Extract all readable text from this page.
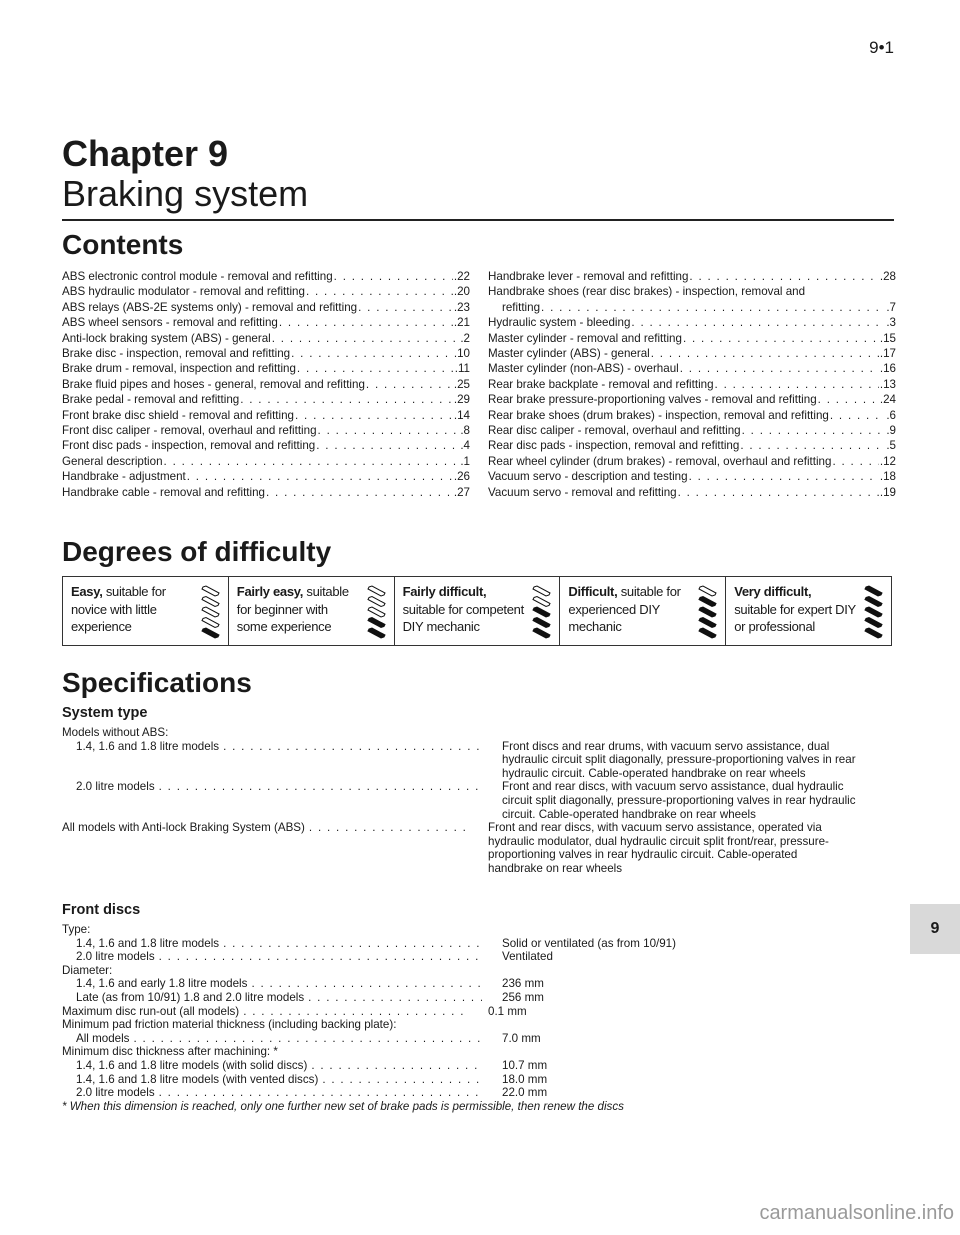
9•1
Chapter 9
Braking system
Contents
ABS electronic control module - removal and refitting . . .	.22
ABS hydraulic modulator - removal and refitting . . .	.20
ABS relays (ABS-2E systems only) - removal and refitting . . .	.23
ABS wheel sensors - removal and refitting . . .	.21
Anti-lock braking system (ABS) - general . . .	.2
Brake disc - inspection, removal and refitting . . .	.10
Brake drum - removal, inspection and refitting . . .	.11
Brake fluid pipes and hoses - general, removal and refitting . . .	.25
Brake pedal - removal and refitting . . .	.29
Front brake disc shield - removal and refitting . . .	.14
Front disc caliper - removal, overhaul and refitting . . .	.8
Front disc pads - inspection, removal and refitting . . .	.4
General description . . .	.1
Handbrake - adjustment . . .	.26
Handbrake cable - removal and refitting . . .	.27
Handbrake lever - removal and refitting . . .	.28
Handbrake shoes (rear disc brakes) - inspection, removal and
refitting . . .	.7
Hydraulic system - bleeding . . .	.3
Master cylinder - removal and refitting . . .	.15
Master cylinder (ABS) - general . . .	.17
Master cylinder (non-ABS) - overhaul . . .	.16
Rear brake backplate - removal and refitting . . .	.13
Rear brake pressure-proportioning valves - removal and refitting . . .	.24
Rear brake shoes (drum brakes) - inspection, removal and refitting . . .	.6
Rear disc caliper - removal, overhaul and refitting . . .	.9
Rear disc pads - inspection, removal and refitting . . .	.5
Rear wheel cylinder (drum brakes) - removal, overhaul and refitting . . .	.12
Vacuum servo - description and testing . . .	.18
Vacuum servo - removal and refitting . . .	.19
Degrees of difficulty
Easy, suitable for
novice with little
experience
Fairly easy, suitable
for beginner with
some experience
Fairly difficult,
suitable for competent
DIY mechanic
Difficult, suitable for
experienced DIY
mechanic
Very difficult,
suitable for expert DIY
or professional
Specifications
System type
Models without ABS:
1.4, 1.6 and 1.8 litre models . . .	Front discs and rear drums, with vacuum servo assistance, dual
hydraulic circuit split diagonally, pressure-proportioning valves in rear
hydraulic circuit. Cable-operated handbrake on rear wheels
2.0 litre models . . .	Front and rear discs, with vacuum servo assistance, dual hydraulic
circuit split diagonally, pressure-proportioning valves in rear hydraulic
circuit. Cable-operated handbrake on rear wheels
All models with Anti-lock Braking System (ABS) . . .	Front and rear discs, with vacuum servo assistance, operated via
hydraulic modulator, dual hydraulic circuit split front/rear, pressure-
proportioning valves in rear hydraulic circuit. Cable-operated
handbrake on rear wheels
Front discs
Type:
1.4, 1.6 and 1.8 litre models . . .	Solid or ventilated (as from 10/91)
2.0 litre models . . .	Ventilated
Diameter:
1.4, 1.6 and early 1.8 litre models . . .	236 mm
Late (as from 10/91) 1.8 and 2.0 litre models . . .	256 mm
Maximum disc run-out (all models) . . .	0.1 mm
Minimum pad friction material thickness (including backing plate):
All models . . .	7.0 mm
Minimum disc thickness after machining: *
1.4, 1.6 and 1.8 litre models (with solid discs) . . .	10.7 mm
1.4, 1.6 and 1.8 litre models (with vented discs) . . .	18.0 mm
2.0 litre models . . .	22.0 mm
* When this dimension is reached, only one further new set of brake pads is permissible, then renew the discs
9
carmanualsonline.info
